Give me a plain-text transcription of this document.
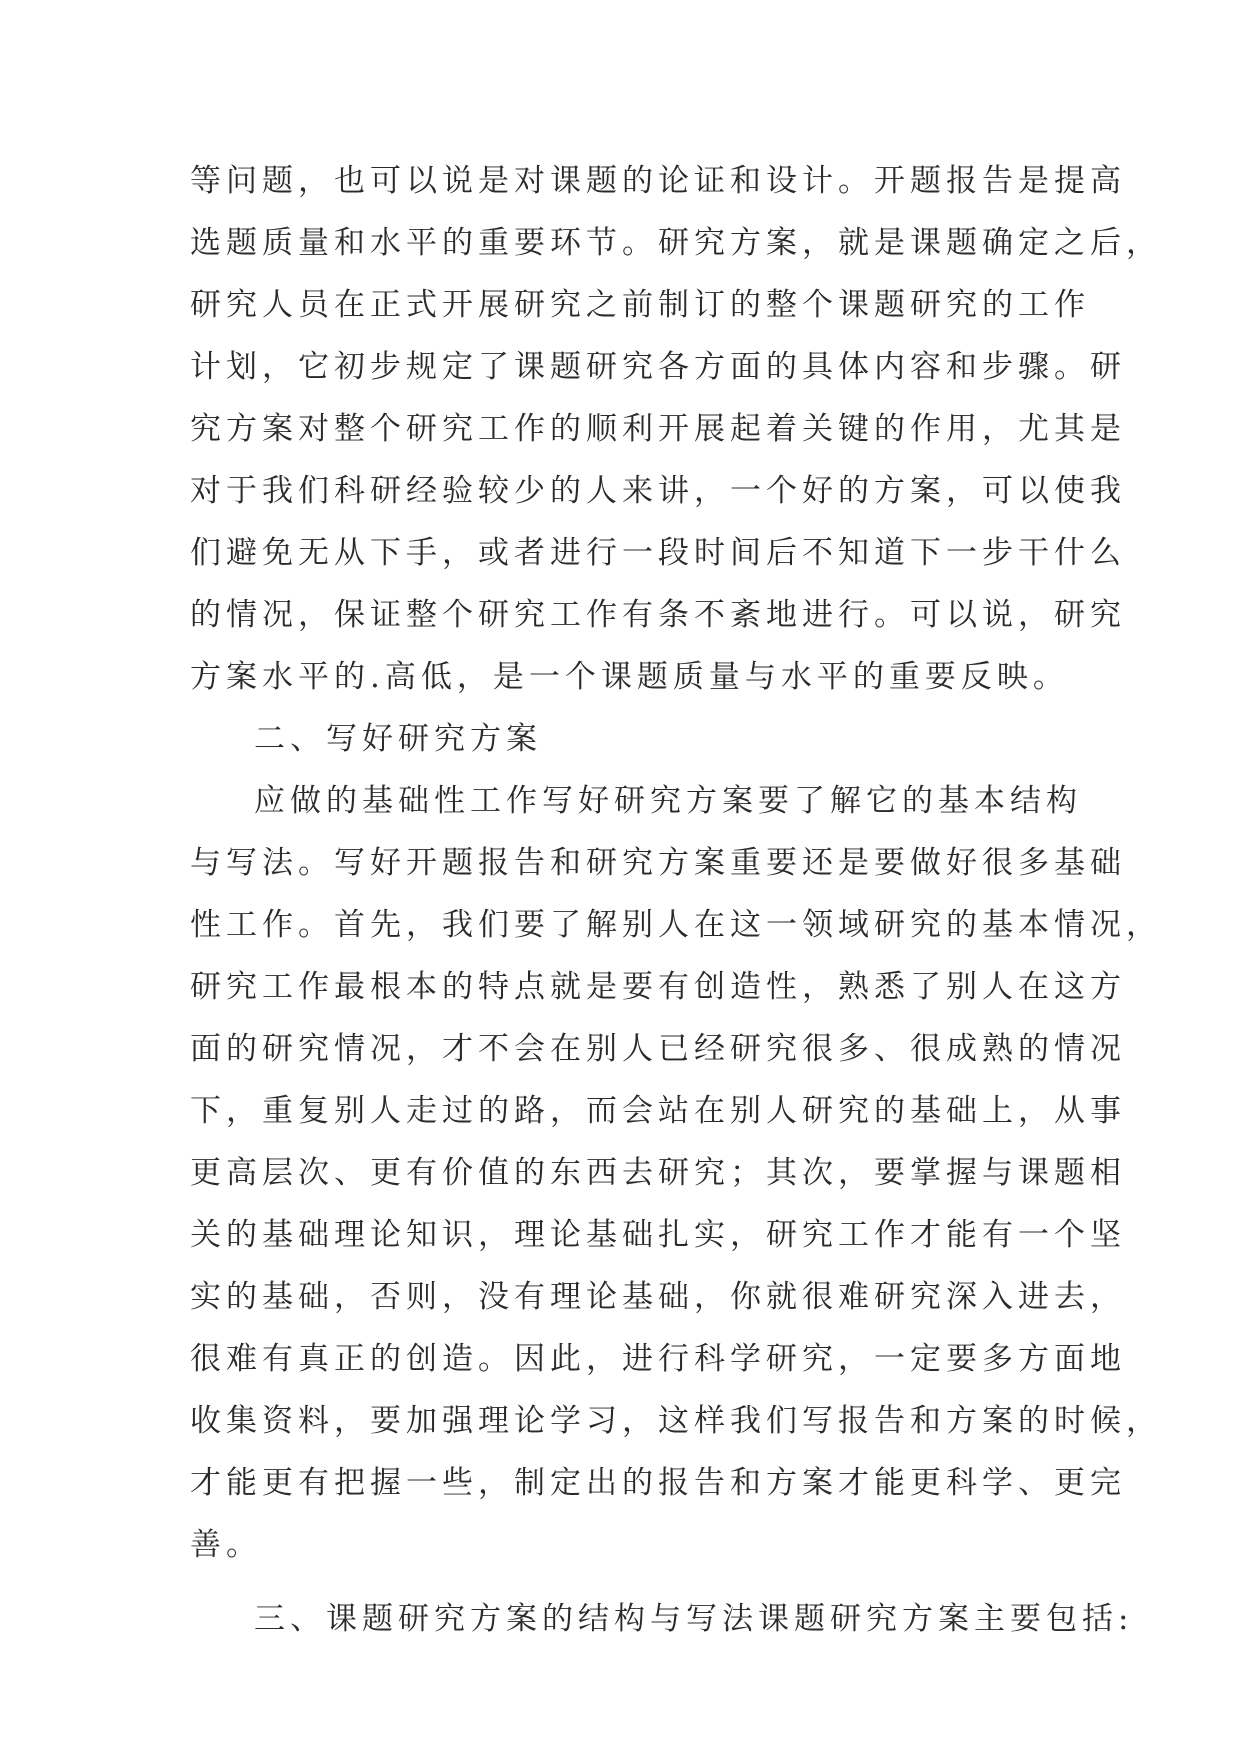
等问题，也可以说是对课题的论证和设计。开题报告是提高
选题质量和水平的重要环节。研究方案，就是课题确定之后，
研究人员在正式开展研究之前制订的整个课题研究的工作
计划，它初步规定了课题研究各方面的具体内容和步骤。研
究方案对整个研究工作的顺利开展起着关键的作用，尤其是
对于我们科研经验较少的人来讲，一个好的方案，可以使我
们避免无从下手，或者进行一段时间后不知道下一步干什么
的情况，保证整个研究工作有条不紊地进行。可以说，研究
方案水平的.高低，是一个课题质量与水平的重要反映。
二、写好研究方案
应做的基础性工作写好研究方案要了解它的基本结构
与写法。写好开题报告和研究方案重要还是要做好很多基础
性工作。首先，我们要了解别人在这一领域研究的基本情况，
研究工作最根本的特点就是要有创造性，熟悉了别人在这方
面的研究情况，才不会在别人已经研究很多、很成熟的情况
下，重复别人走过的路，而会站在别人研究的基础上，从事
更高层次、更有价值的东西去研究；其次，要掌握与课题相
关的基础理论知识，理论基础扎实，研究工作才能有一个坚
实的基础，否则，没有理论基础，你就很难研究深入进去，
很难有真正的创造。因此，进行科学研究，一定要多方面地
收集资料，要加强理论学习，这样我们写报告和方案的时候，
才能更有把握一些，制定出的报告和方案才能更科学、更完
善。
三、课题研究方案的结构与写法课题研究方案主要包括:
